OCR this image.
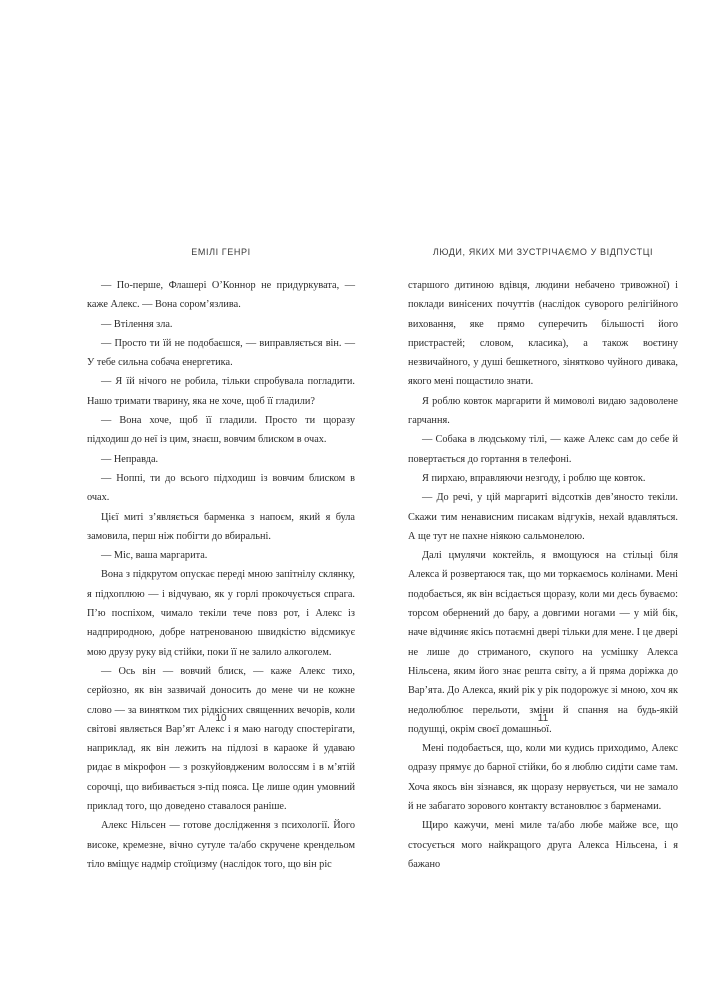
ЕМІЛІ ГЕНРІ

— По-перше, Флашері О’Коннор не придуркувата, — каже Алекс. — Вона сором’язлива.

— Втілення зла.

— Просто ти їй не подобаєшся, — виправляється він. — У тебе сильна собача енергетика.

— Я їй нічого не робила, тільки спробувала погладити. Нашо тримати тварину, яка не хоче, щоб її гладили?

— Вона хоче, щоб її гладили. Просто ти щоразу підходиш до неї із цим, знаєш, вовчим блиском в очах.

— Неправда.

— Ноппі, ти до всього підходиш із вовчим блиском в очах.

Цієї миті з’являється барменка з напоєм, який я була замовила, перш ніж побігти до вбиральні.

— Міс, ваша маргарита.

Вона з підкрутом опускає переді мною запітнілу склянку, я підхоплюю — і відчуваю, як у горлі прокочується спрага. П’ю поспіхом, чимало текіли тече повз рот, і Алекс із надприродною, добре натренованою швидкістю відсмикує мою друзу руку від стійки, поки її не залило алкоголем.

— Ось він — вовчий блиск, — каже Алекс тихо, серйозно, як він зазвичай доносить до мене чи не кожне слово — за винятком тих рідкісних священних вечорів, коли світові являється Вар’ят Алекс і я маю нагоду спостерігати, наприклад, як він лежить на підлозі в караоке й удаваю ридає в мікрофон — з розкуйовдженим волоссям і в м’ятій сорочці, що вибивається з-під пояса. Це лише один умовний приклад того, що доведено ставалося раніше.

Алекс Нільсен — готове дослідження з психології. Його високе, кремезне, вічно сутуле та/або скручене крендельом тіло вміщує надмір стоїцизму (наслідок того, що він ріс

10
ЛЮДИ, ЯКИХ МИ ЗУСТРІЧАЄМО У ВІДПУСТЦІ

старшого дитиною вдівця, людини небачено тривожної) і поклади винісених почуттів (наслідок суворого релігійного виховання, яке прямо суперечить більшості його пристрастей; словом, класика), а також воєтину незвичайного, у душі бешкетного, зінятково чуйного дивака, якого мені пощастило знати.

Я роблю ковток маргарити й мимоволі видаю задоволене гарчання.

— Собака в людському тілі, — каже Алекс сам до себе й повертається до гортання в телефоні.

Я пирхаю, вправляючи незгоду, і роблю ще ковток.

— До речі, у цій маргариті відсотків дев’яносто текіли. Скажи тим ненависним писакам відгуків, нехай вдавляться. А ще тут не пахне ніякою сальмонелою.

Далі цмулячи коктейль, я вмощуюся на стільці біля Алекса й розвертаюся так, що ми торкаємось колінами. Мені подобається, як він всідається щоразу, коли ми десь буваємо: торсом обернений до бару, а довгими ногами — у мій бік, наче відчиняє якісь потаємні двері тільки для мене. І це двері не лише до стриманого, скупого на усмішку Алекса Нільсена, яким його знає решта світу, а й пряма доріжка до Вар’ята. До Алекса, який рік у рік подорожує зі мною, хоч як недолюблює перельоти, зміни й спання на будь-якій подушці, окрім своєї домашньої.

Мені подобається, що, коли ми кудись приходимо, Алекс одразу прямує до барної стійки, бо я люблю сидіти саме там. Хоча якось він зізнався, як щоразу нервується, чи не замало й не забагато зорового контакту встановлює з барменами.

Щиро кажучи, мені миле та/або любе майже все, що стосується мого найкращого друга Алекса Нільсена, і я бажано

11
